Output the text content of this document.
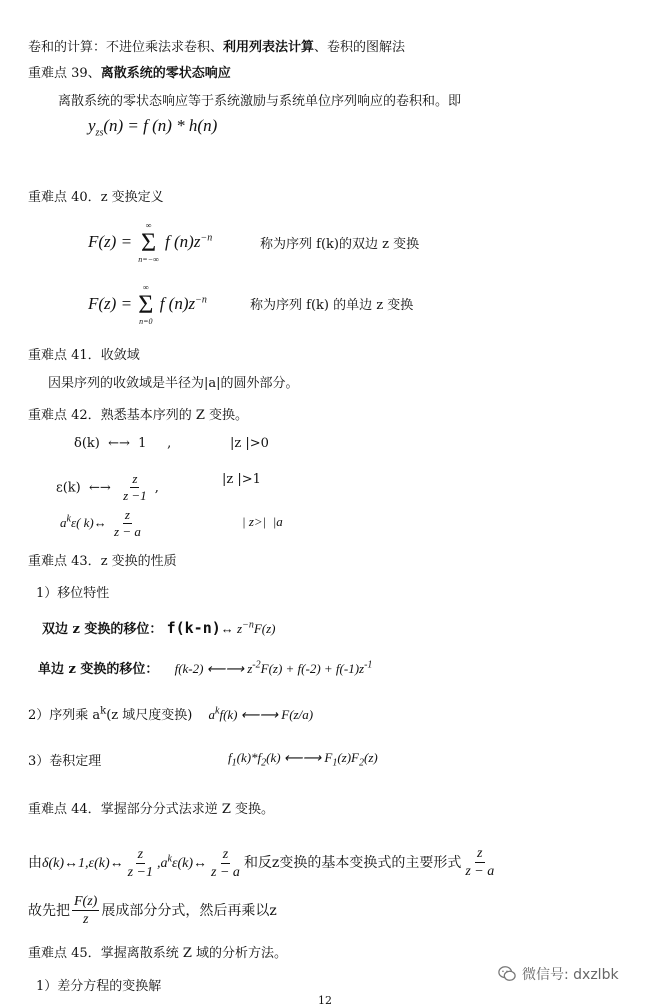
卷和的计算：不进位乘法求卷积、利用列表法计算、卷积的图解法
重难点 39、离散系统的零状态响应
离散系统的零状态响应等于系统激励与系统单位序列响应的卷积和。即
$y_{zs}(n) = f$ (n) * h(n)
重难点 40．z 变换定义
F(z) =
∞
Σ
n=−∞
f $(n)z^{-n}$	称为序列 f(k)的双边 z 变换
F(z) =
∞
Σ
n=0
f $(n)z^{-n}$	称为序列 f(k) 的单边 z 变换
重难点 41．收敛域
因果序列的收敛域是半径为|a|的圆外部分。
重难点 42．熟悉基本序列的 Z 变换。
δ(k)  ←→  1     ,	|z |>0
ε(k)  ←→ $\frac{z}{z -1}$ ,
|z |>1
$a^k\varepsilon$( k)↔ $\frac{z}{z - a}$	| z>|  |a
重难点 43．z 变换的性质
1）移位特性
双边 z 变换的移位： f(k-n)↔ $z^{-n}F(z)$
单边 z 变换的移位： f(k-2) ⟵⟶ $z^{-2}F(z) + f(-2) + f(-1)z^{-1}$
2）序列乘 $a^k(z$ 域尺度变换) $a^kf(k)$ ⟵⟶ F(z/a)
3）卷积定理	$f_1(k)*f_2(k)$ ⟵⟶ $F_1(z)F_2(z)$
重难点 44．掌握部分分式法求逆 Z 变换。
由δ(k)↔1,ε(k)↔ $\frac{z}{z -1}$ $,a^k\varepsilon(k)\leftrightarrow \frac{z}{z - a}$ 和反z变换的基本变换式的主要形式 $\frac{z}{z - a}$
故先把 $\frac{F(z)}{z}$ 展成部分分式，然后再乘以z
重难点 45．掌握离散系统 Z 域的分析方法。
1）差分方程的变换解
12
微信号: dxzlbk
